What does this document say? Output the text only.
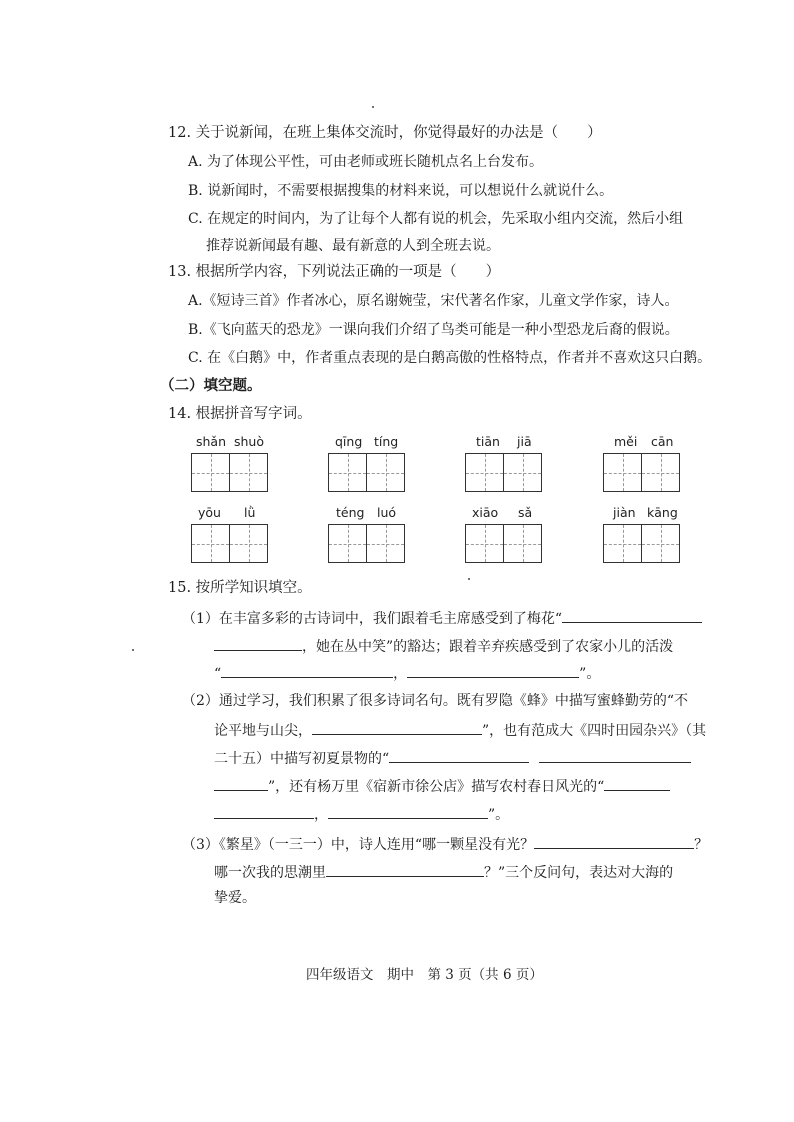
12. 关于说新闻，在班上集体交流时，你觉得最好的办法是（　　）
A. 为了体现公平性，可由老师或班长随机点名上台发布。
B. 说新闻时，不需要根据搜集的材料来说，可以想说什么就说什么。
C. 在规定的时间内，为了让每个人都有说的机会，先采取小组内交流，然后小组
推荐说新闻最有趣、最有新意的人到全班去说。
13. 根据所学内容，下列说法正确的一项是（　　）
A.《短诗三首》作者冰心，原名谢婉莹，宋代著名作家，儿童文学作家，诗人。
B.《飞向蓝天的恐龙》一课向我们介绍了鸟类可能是一种小型恐龙后裔的假说。
C. 在《白鹅》中，作者重点表现的是白鹅高傲的性格特点，作者并不喜欢这只白鹅。
（二）填空题。
14. 根据拼音写字词。
shǎn shuò	qīng tíng	tiān jiā	měi cān
yōu lǜ	téng luó	xiāo sǎ	jiàn kāng
15. 按所学知识填空。
（1）在丰富多彩的古诗词中，我们跟着毛主席感受到了梅花“
，她在丛中笑”的豁达；跟着辛弃疾感受到了农家小儿的活泼
“	，	”。
（2）通过学习，我们积累了很多诗词名句。既有罗隐《蜂》中描写蜜蜂勤劳的“不
论平地与山尖，	”，也有范成大《四时田园杂兴》（其
二十五）中描写初夏景物的“
”，还有杨万里《宿新市徐公店》描写农村春日风光的“
，	”。
（3）《繁星》（一三一）中，诗人连用“哪一颗星没有光？	？
哪一次我的思潮里	？”三个反问句，表达对大海的
挚爱。
四年级语文　期中　第 3 页（共 6 页）
